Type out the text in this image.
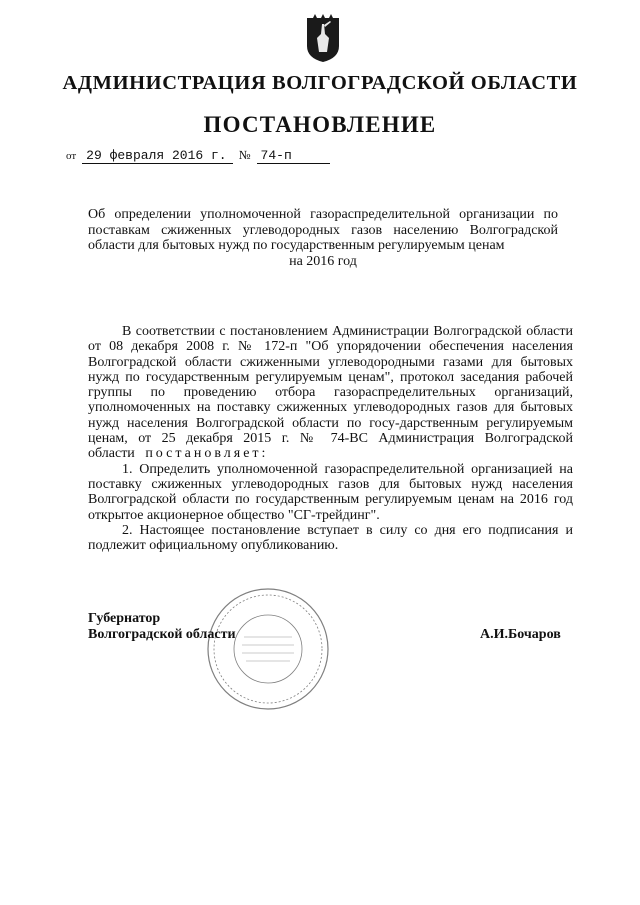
АДМИНИСТРАЦИЯ ВОЛГОГРАДСКОЙ ОБЛАСТИ
ПОСТАНОВЛЕНИЕ
от 29 февраля 2016 г. № 74-п
Об определении уполномоченной газораспределительной организации по поставкам сжиженных углеводородных газов населению Волгоградской области для бытовых нужд по государственным регулируемым ценам
на 2016 год

В соответствии с постановлением Администрации Волгоградской области от 08 декабря 2008 г. № 172-п "Об упорядочении обеспечения населения Волгоградской области сжиженными углеводородными газами для бытовых нужд по государственным регулируемым ценам", протокол заседания рабочей группы по проведению отбора газораспределительных организаций, уполномоченных на поставку сжиженных углеводородных газов для бытовых нужд населения Волгоградской области по госу-дарственным регулируемым ценам, от 25 декабря 2015 г. № 74-ВС Администрация Волгоградской области постановляет:

1. Определить уполномоченной газораспределительной организацией на поставку сжиженных углеводородных газов для бытовых нужд населения Волгоградской области по государственным регулируемым ценам на 2016 год открытое акционерное общество "СГ-трейдинг".

2. Настоящее постановление вступает в силу со дня его подписания и подлежит официальному опубликованию.

Губернатор
Волгоградской области	А.И.Бочаров
